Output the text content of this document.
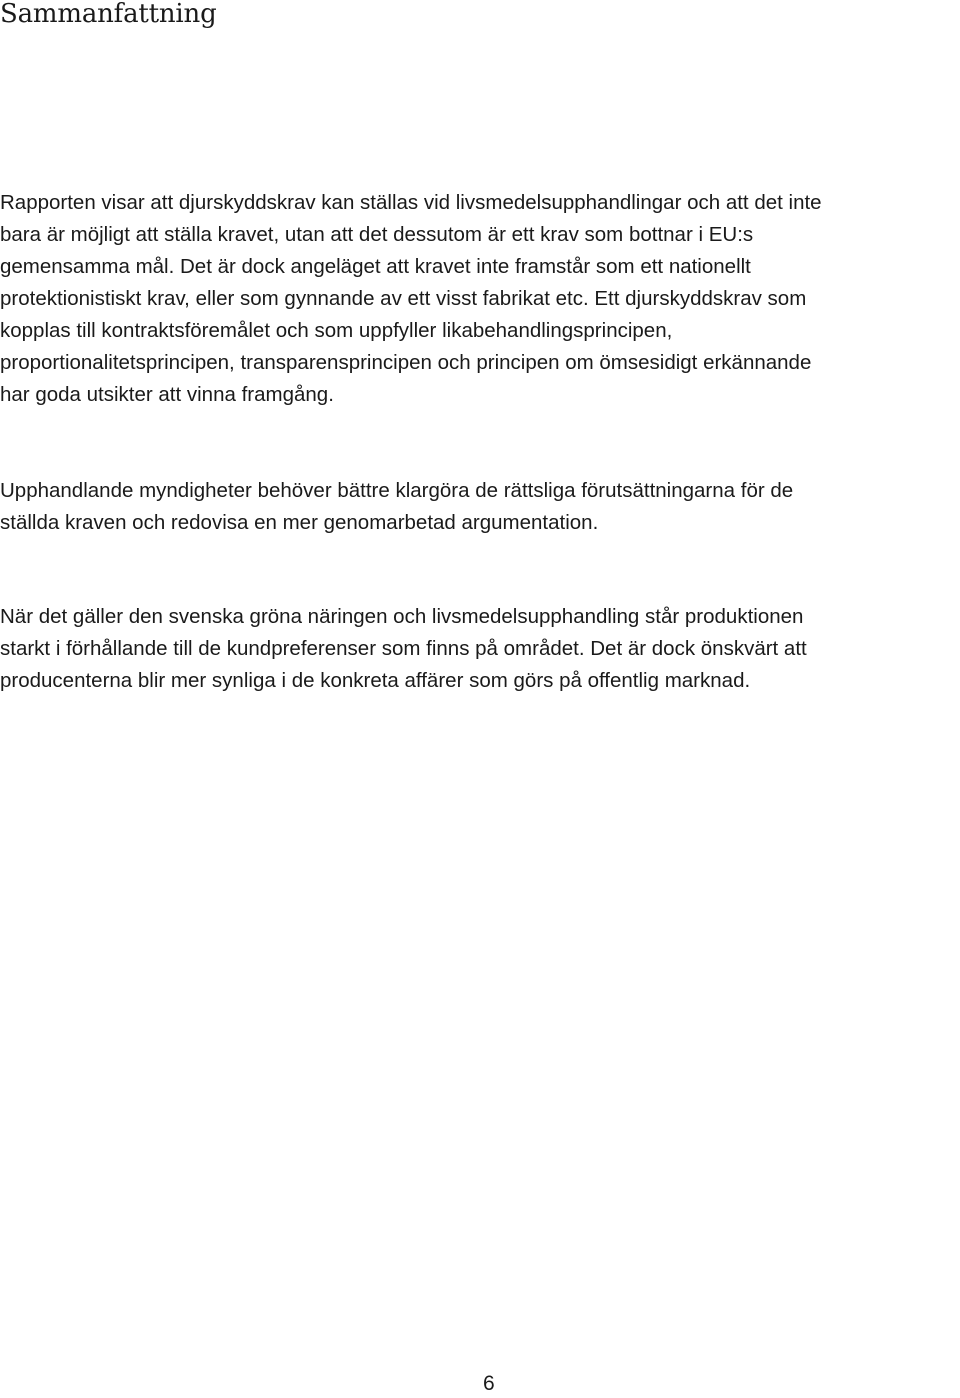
Sammanfattning

Rapporten visar att djurskyddskrav kan ställas vid livsmedelsupphandlingar och att det inte
bara är möjligt att ställa kravet, utan att det dessutom är ett krav som bottnar i EU:s
gemensamma mål. Det är dock angeläget att kravet inte framstår som ett nationellt
protektionistiskt krav, eller som gynnande av ett visst fabrikat etc. Ett djurskyddskrav som
kopplas till kontraktsföremålet och som uppfyller likabehandlingsprincipen,
proportionalitetsprincipen, transparensprincipen och principen om ömsesidigt erkännande
har goda utsikter att vinna framgång.

Upphandlande myndigheter behöver bättre klargöra de rättsliga förutsättningarna för de
ställda kraven och redovisa en mer genomarbetad argumentation.

När det gäller den svenska gröna näringen och livsmedelsupphandling står produktionen
starkt i förhållande till de kundpreferenser som finns på området. Det är dock önskvärt att
producenterna blir mer synliga i de konkreta affärer som görs på offentlig marknad.

6
